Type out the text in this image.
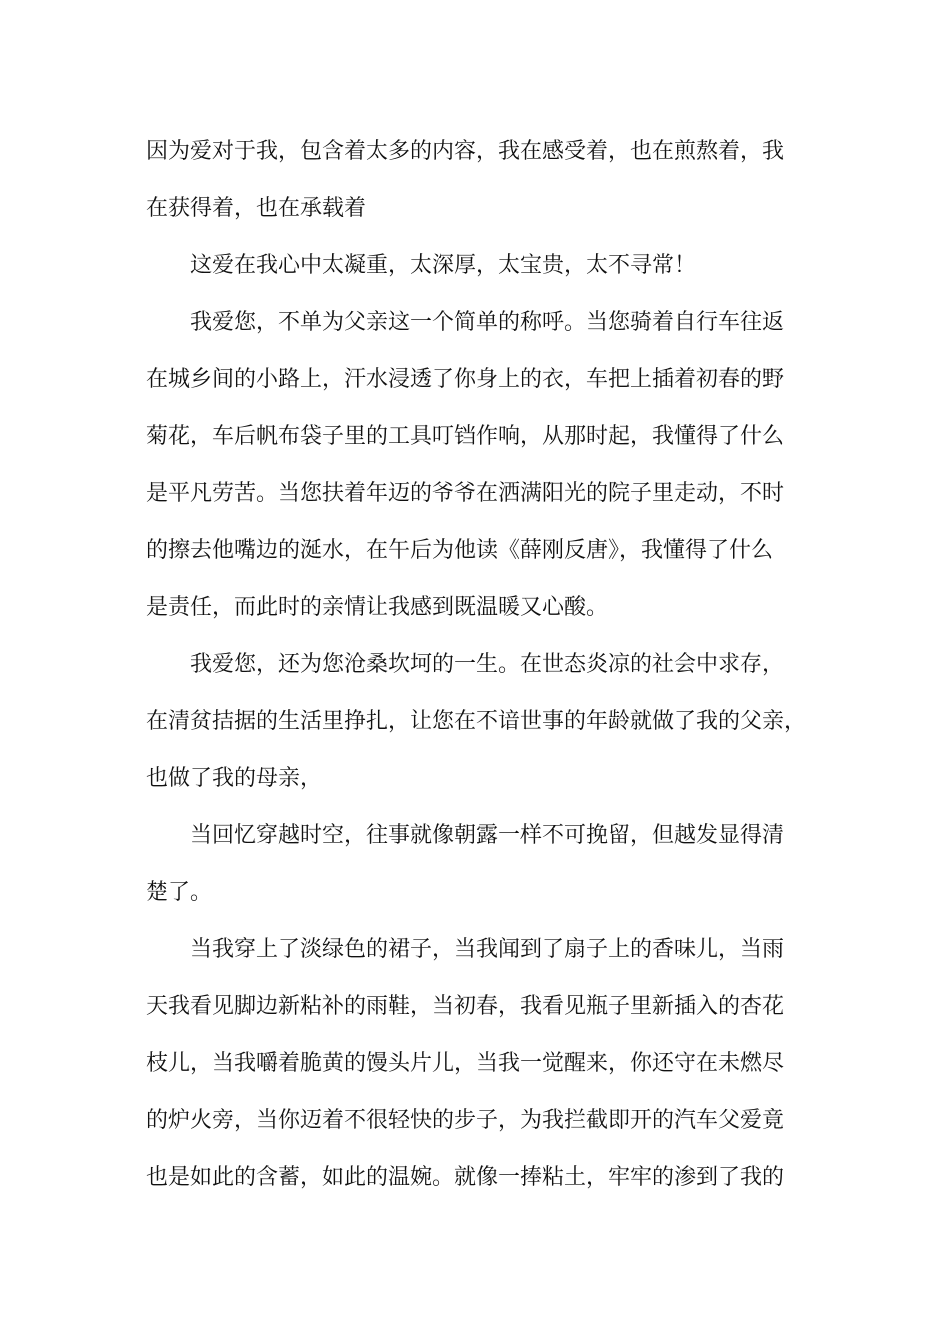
因为爱对于我，包含着太多的内容，我在感受着，也在煎熬着，我
在获得着，也在承载着
这爱在我心中太凝重，太深厚，太宝贵，太不寻常！
我爱您，不单为父亲这一个简单的称呼。当您骑着自行车往返
在城乡间的小路上，汗水浸透了你身上的衣，车把上插着初春的野
菊花，车后帆布袋子里的工具叮铛作响，从那时起，我懂得了什么
是平凡劳苦。当您扶着年迈的爷爷在洒满阳光的院子里走动，不时
的擦去他嘴边的涎水，在午后为他读《薛刚反唐》，我懂得了什么
是责任，而此时的亲情让我感到既温暖又心酸。
我爱您，还为您沧桑坎坷的一生。在世态炎凉的社会中求存，
在清贫拮据的生活里挣扎，让您在不谙世事的年龄就做了我的父亲，
也做了我的母亲，
当回忆穿越时空，往事就像朝露一样不可挽留，但越发显得清
楚了。
当我穿上了淡绿色的裙子，当我闻到了扇子上的香味儿，当雨
天我看见脚边新粘补的雨鞋，当初春，我看见瓶子里新插入的杏花
枝儿，当我嚼着脆黄的馒头片儿，当我一觉醒来，你还守在未燃尽
的炉火旁，当你迈着不很轻快的步子，为我拦截即开的汽车父爱竟
也是如此的含蓄，如此的温婉。就像一捧粘土，牢牢的渗到了我的
